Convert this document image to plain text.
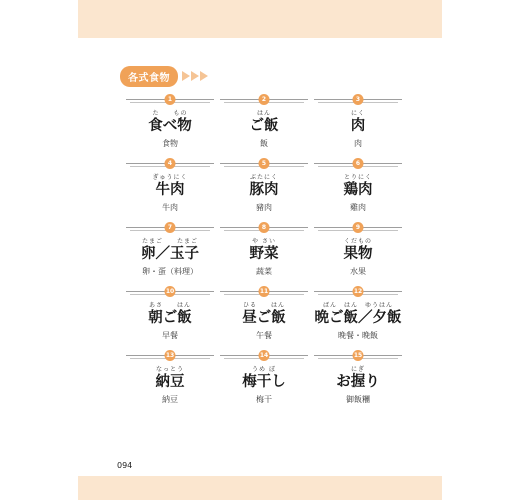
各式食物
1
た　　もの
食べ物
食物
2
はん
ご飯
飯
3
にく
肉
肉
4
ぎゅうにく
牛肉
牛肉
5
ぶたにく
豚肉
豬肉
6
とりにく
鶏肉
雞肉
7
たまご　　たまご
卵／玉子
卵・蛋（料理）
8
や さい
野菜
蔬菜
9
くだもの
果物
水果
10
あさ　　はん
朝ご飯
早餐
11
ひる　　はん
昼ご飯
午餐
12
ばん　はん　ゆうはん
晩ご飯／夕飯
晚餐・晚飯
13
なっとう
納豆
納豆
14
うめ ぼ
梅干し
梅干
15
にぎ
お握り
御飯糰
094
